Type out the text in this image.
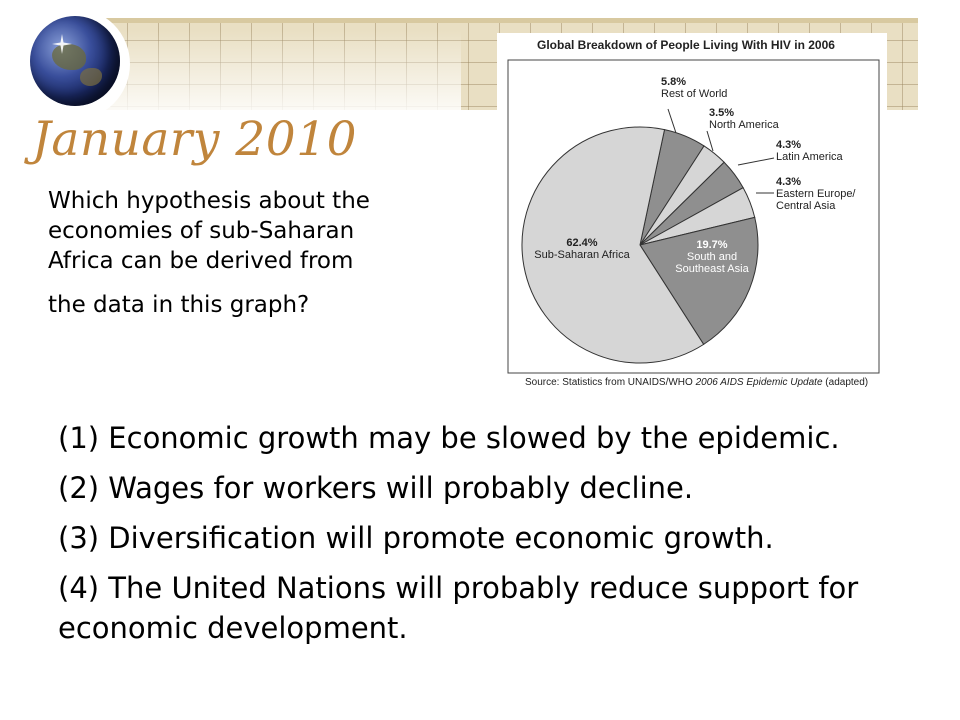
January 2010
Which hypothesis about the economies of sub-Saharan Africa can be derived from
the data in this graph?
Global Breakdown of People Living With HIV in 2006
5.8%
Rest of World
3.5%
North America
4.3%
Latin America
4.3%
Eastern Europe/
Central Asia
19.7%
South and
Southeast Asia
62.4%
Sub-Saharan Africa
Source: Statistics from UNAIDS/WHO 2006 AIDS Epidemic Update (adapted)
(1) Economic growth may be slowed by the epidemic.
(2) Wages for workers will probably decline.
(3) Diversification will promote economic growth.
(4) The United Nations will probably reduce support for economic development.
